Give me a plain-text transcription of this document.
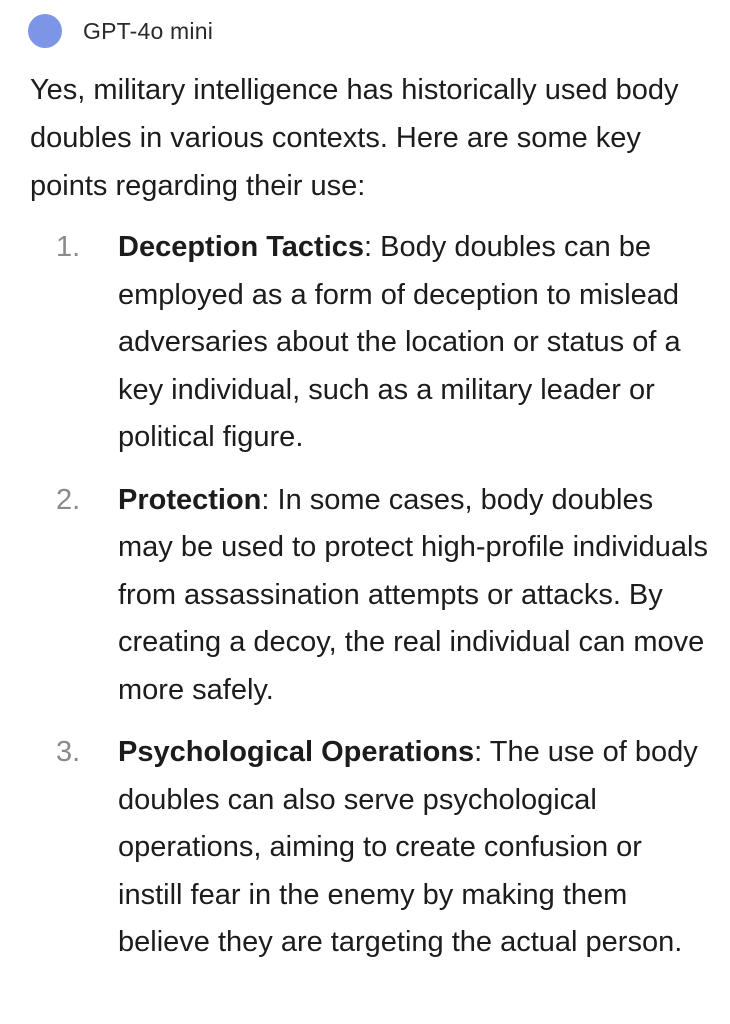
GPT-4o mini

Yes, military intelligence has historically used body doubles in various contexts. Here are some key points regarding their use:

1. Deception Tactics: Body doubles can be employed as a form of deception to mislead adversaries about the location or status of a key individual, such as a military leader or political figure.
2. Protection: In some cases, body doubles may be used to protect high-profile individuals from assassination attempts or attacks. By creating a decoy, the real individual can move more safely.
3. Psychological Operations: The use of body doubles can also serve psychological operations, aiming to create confusion or instill fear in the enemy by making them believe they are targeting the actual person.
